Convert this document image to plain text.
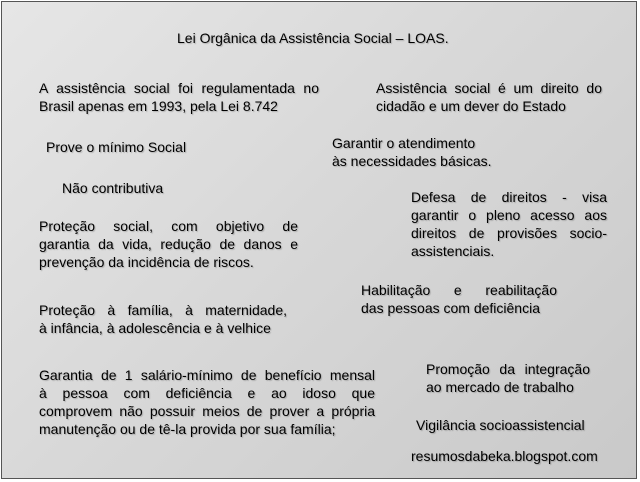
Lei Orgânica da Assistência Social – LOAS.
A assistência social foi regulamentada no
Brasil apenas em 1993, pela Lei 8.742
Prove o mínimo Social
Não contributiva
Proteção social, com objetivo de
garantia da vida, redução de danos e
prevenção da incidência de riscos.
Proteção à família, à maternidade,
à infância, à adolescência e à velhice
Garantia de 1 salário-mínimo de benefício mensal
à pessoa com deficiência e ao idoso que
comprovem não possuir meios de prover a própria
manutenção ou de tê-la provida por sua família;
Assistência social é um direito do
cidadão e um dever do Estado
Garantir o atendimento
às necessidades básicas.
Defesa de direitos - visa
garantir o pleno acesso aos
direitos de provisões socio-
assistenciais.
Habilitação e reabilitação
das pessoas com deficiência
Promoção da integração
ao mercado de trabalho
Vigilância socioassistencial
resumosdabeka.blogspot.com
